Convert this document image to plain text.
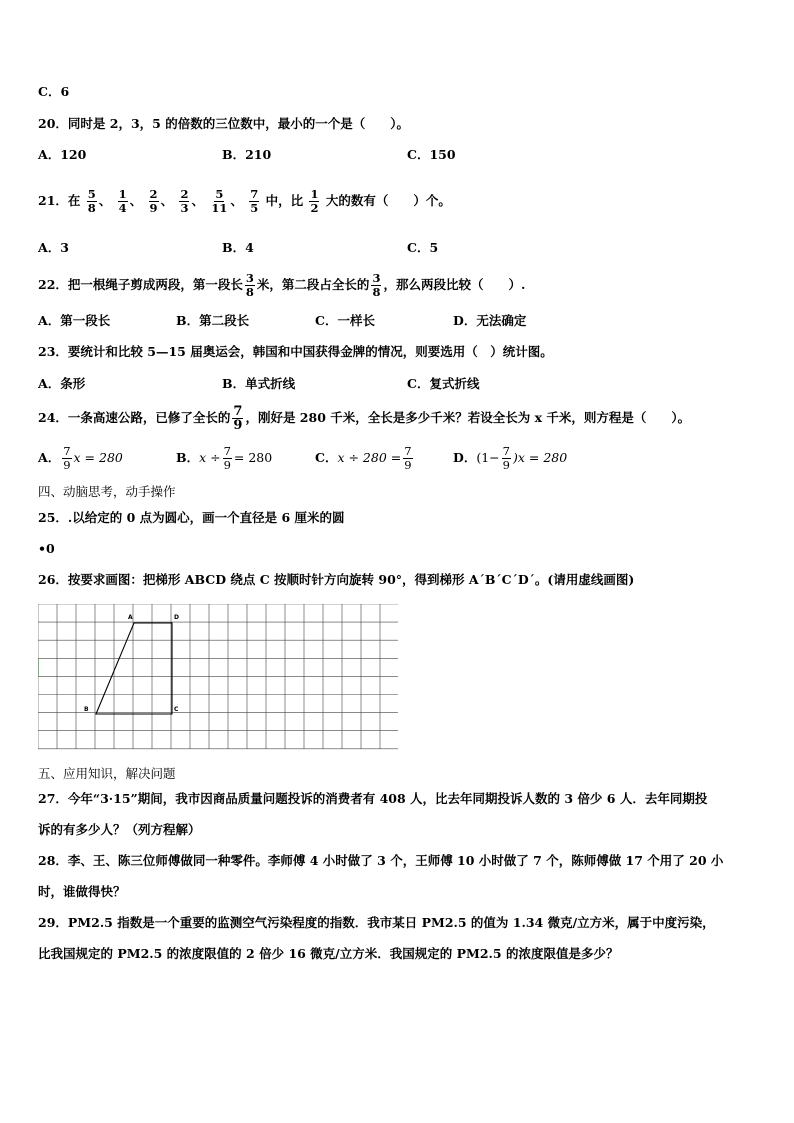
C．6
20．同时是 2，3，5 的倍数的三位数中，最小的一个是（　　）。
A．120	B．210	C．150
21．在 $\frac{5}{8}$ 、 $\frac{1}{4}$ 、 $\frac{2}{9}$ 、 $\frac{2}{3}$ 、 $\frac{5}{11}$ 、 $\frac{7}{5}$ 中，比 $\frac{1}{2}$ 大的数有（　　）个。
A．3	B．4	C．5
22．把一根绳子剪成两段，第一段长 $\frac{3}{8}$ 米，第二段占全长的 $\frac{3}{8}$ ，那么两段比较（　　）.
A．第一段长	B．第二段长	C．一样长	D．无法确定
23．要统计和比较 5—15 届奥运会，韩国和中国获得金牌的情况，则要选用（　）统计图。
A．条形	B．单式折线	C．复式折线
24．一条高速公路，已修了全长的 $\frac{7}{9}$ ，刚好是 280 千米，全长是多少千米？若设全长为 x 千米，则方程是（　　）。
A． $\frac{7}{9}$ x = 280	B．$x \div \frac{7}{9} = 280$	C．$x \div 280 = \frac{7}{9}$	D．$(1- \frac{7}{9} )x = 280$
四、动脑思考，动手操作
25．.以给定的 0 点为圆心，画一个直径是 6 厘米的圆
•0
26．按要求画图：把梯形 ABCD 绕点 C 按顺时针方向旋转 90°，得到梯形 A´B´C´D´。(请用虚线画图)
A	D
B	C
五、应用知识，解决问题
27．今年“3·15”期间，我市因商品质量问题投诉的消费者有 408 人，比去年同期投诉人数的 3 倍少 6 人．去年同期投
诉的有多少人？（列方程解）
28．李、王、陈三位师傅做同一种零件。李师傅 4 小时做了 3 个，王师傅 10 小时做了 7 个，陈师傅做 17 个用了 20 小
时，谁做得快？
29．PM2.5 指数是一个重要的监测空气污染程度的指数．我市某日 PM2.5 的值为 1.34 微克/立方米，属于中度污染，
比我国规定的 PM2.5 的浓度限值的 2 倍少 16 微克/立方米．我国规定的 PM2.5 的浓度限值是多少？
